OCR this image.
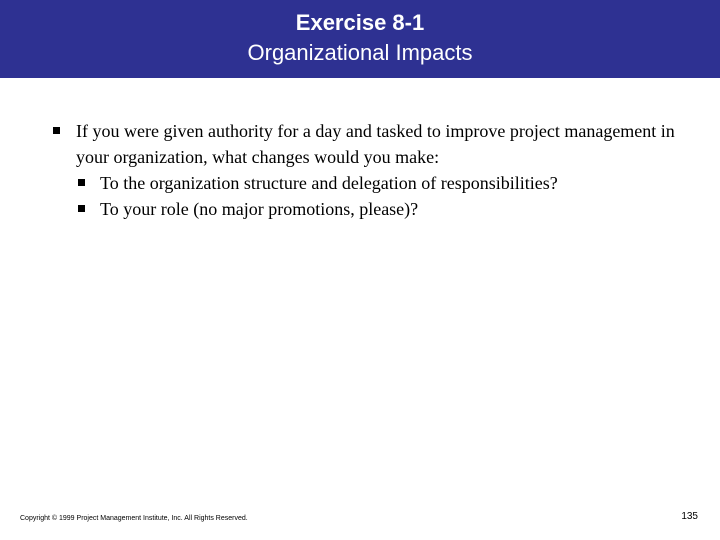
Exercise 8-1
Organizational Impacts

If you were given authority for a day and tasked to improve project management in your organization, what changes would you make:

To the organization structure and delegation of responsibilities?
To your role (no major promotions, please)?
Copyright © 1999 Project Management Institute, Inc. All Rights Reserved.	135
